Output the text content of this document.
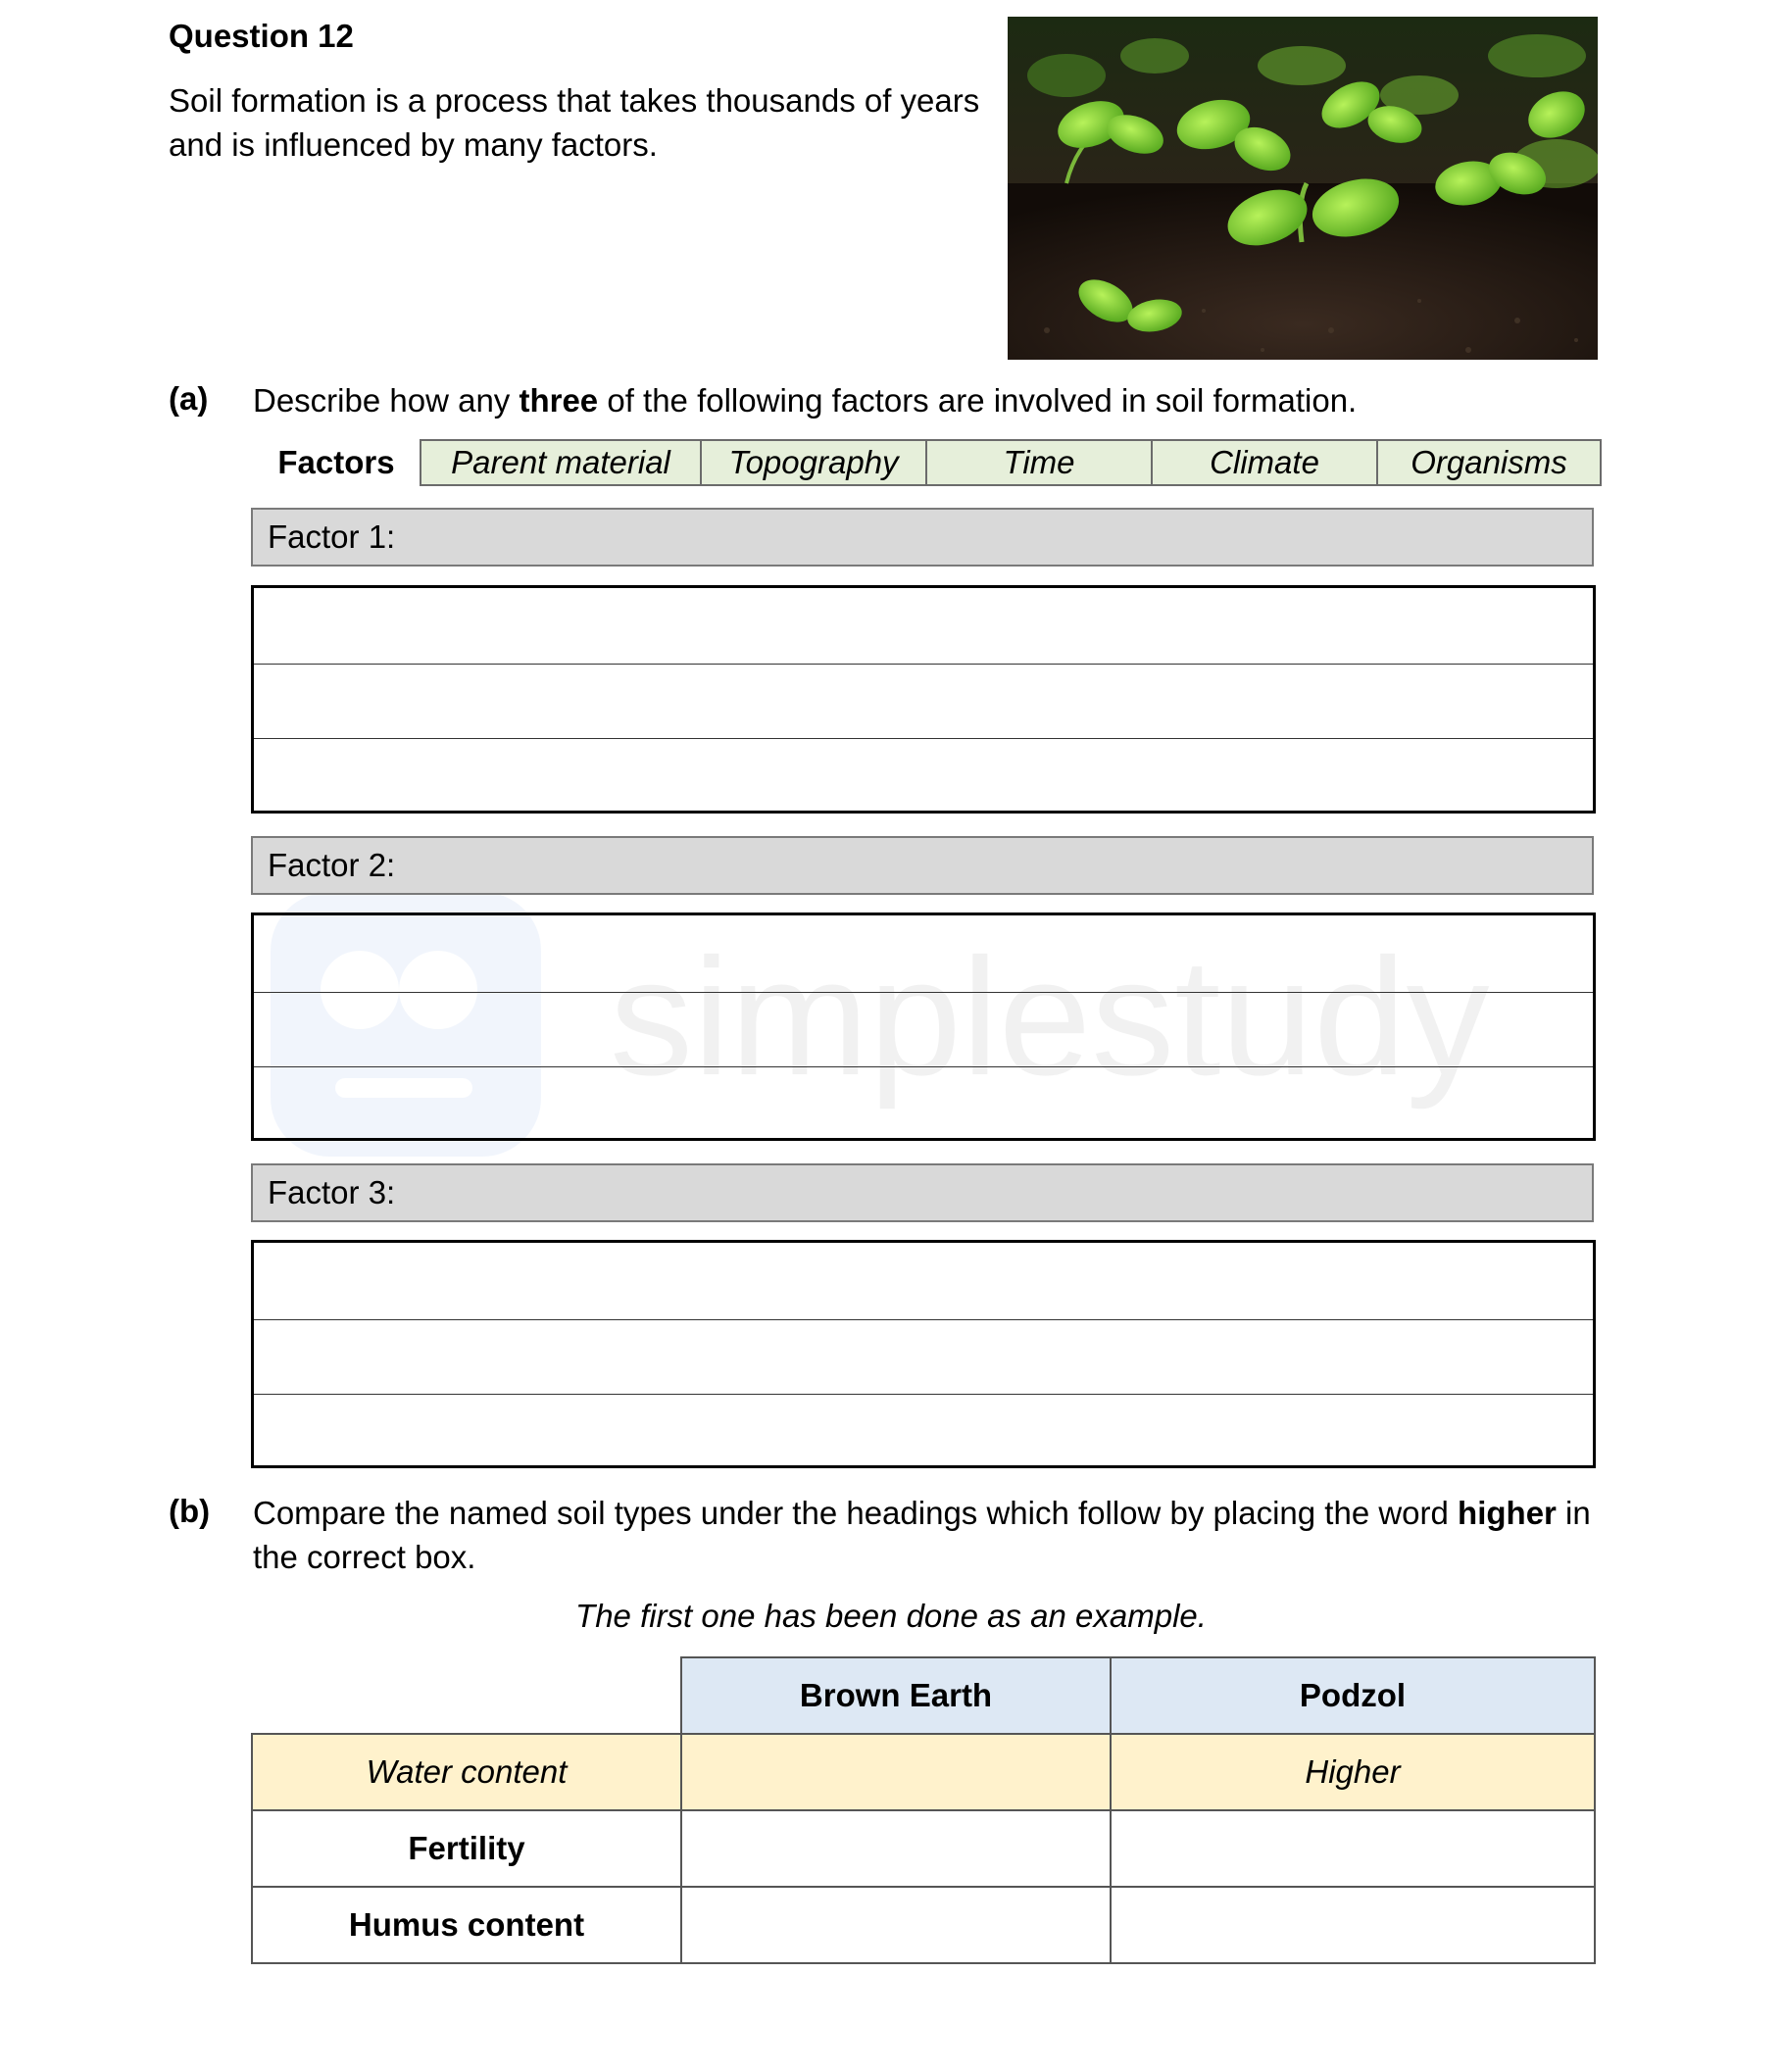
Question 12
Soil formation is a process that takes thousands of years and is influenced by many factors.
simplestudy
(a) Describe how any three of the following factors are involved in soil formation.
Factors	Parent material	Topography	Time	Climate	Organisms
Factor 1:
Factor 2:
Factor 3:
(b) Compare the named soil types under the headings which follow by placing the word higher in the correct box.
The first one has been done as an example.
	Brown Earth	Podzol
Water content		Higher
Fertility		
Humus content		
